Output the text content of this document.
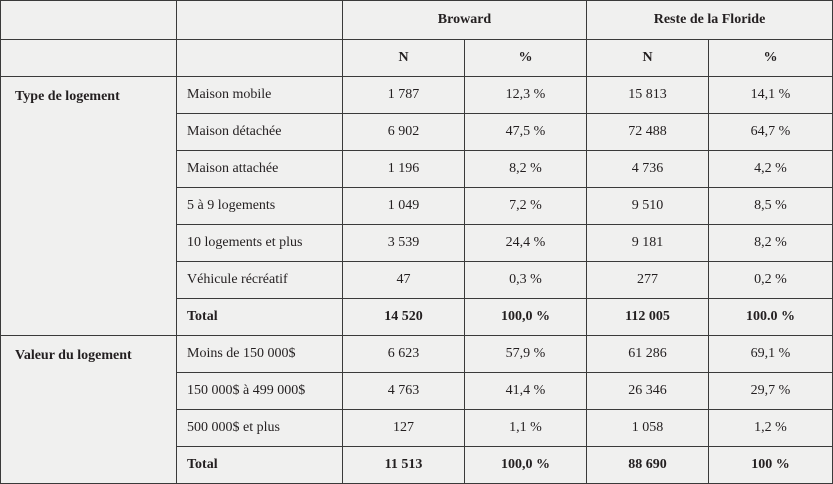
		Broward		Reste de la Floride	
		N	%	N	%
Type de logement	Maison mobile	1 787	12,3 %	15 813	14,1 %
	Maison détachée	6 902	47,5 %	72 488	64,7 %
	Maison attachée	1 196	8,2 %	4 736	4,2 %
	5 à 9 logements	1 049	7,2 %	9 510	8,5 %
	10 logements et plus	3 539	24,4 %	9 181	8,2 %
	Véhicule récréatif	47	0,3 %	277	0,2 %
	Total	14 520	100,0 %	112 005	100.0 %
Valeur du logement	Moins de 150 000$	6 623	57,9 %	61 286	69,1 %
	150 000$ à 499 000$	4 763	41,4 %	26 346	29,7 %
	500 000$ et plus	127	1,1 %	1 058	1,2 %
	Total	11 513	100,0 %	88 690	100 %
